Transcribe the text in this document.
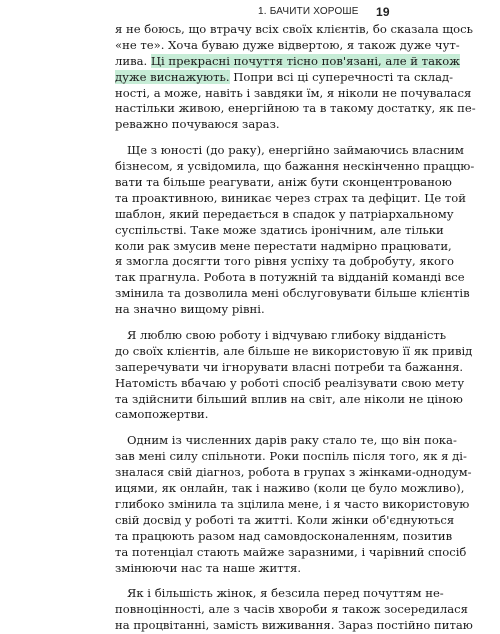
1. БАЧИТИ ХОРОШЕ 19

я не боюсь, що втрачу всіх своїх клієнтів, бо сказала щось
«не те». Хоча буваю дуже відвертою, я також дуже чут-
лива. Ці прекрасні почуття тісно пов'язані, але й також
дуже виснажують. Попри всі ці суперечності та склад-
ності, а може, навіть і завдяки їм, я ніколи не почувалася
настільки живою, енергійною та в такому достатку, як пе-
реважно почуваюся зараз.

Ще з юності (до раку), енергійно займаючись власним
бізнесом, я усвідомила, що бажання нескінченно праццю-
вати та більше реагувати, аніж бути сконцентрованою
та проактивною, виникає через страх та дефіцит. Це той
шаблон, який передається в спадок у патріархальному
суспільстві. Таке може здатись іронічним, але тільки
коли рак змусив мене перестати надмірно працювати,
я змогла досягти того рівня успіху та добробуту, якого
так прагнула. Робота в потужній та відданій команді все
змінила та дозволила мені обслуговувати більше клієнтів
на значно вищому рівні.

Я люблю свою роботу і відчуваю глибоку відданість
до своїх клієнтів, але більше не використовую її як привід
заперечувати чи ігнорувати власні потреби та бажання.
Натомість вбачаю у роботі спосіб реалізувати свою мету
та здійснити більший вплив на світ, але ніколи не ціною
самопожертви.

Одним із численних дарів раку стало те, що він пока-
зав мені силу спільноти. Роки поспіль після того, як я ді-
зналася свій діагноз, робота в групах з жінками-однодум-
ицями, як онлайн, так і наживо (коли це було можливо),
глибоко змінила та зцілила мене, і я часто використовую
свій досвід у роботі та житті. Коли жінки об'єднуються
та працюють разом над самовдосконаленням, позитив
та потенціал стають майже заразними, і чарівний спосіб
змінюючи нас та наше життя.

Як і більшість жінок, я безсила перед почуттям не-
повноцінності, але з часів хвороби я також зосередилася
на процвітанні, замість виживання. Зараз постійно питаю
